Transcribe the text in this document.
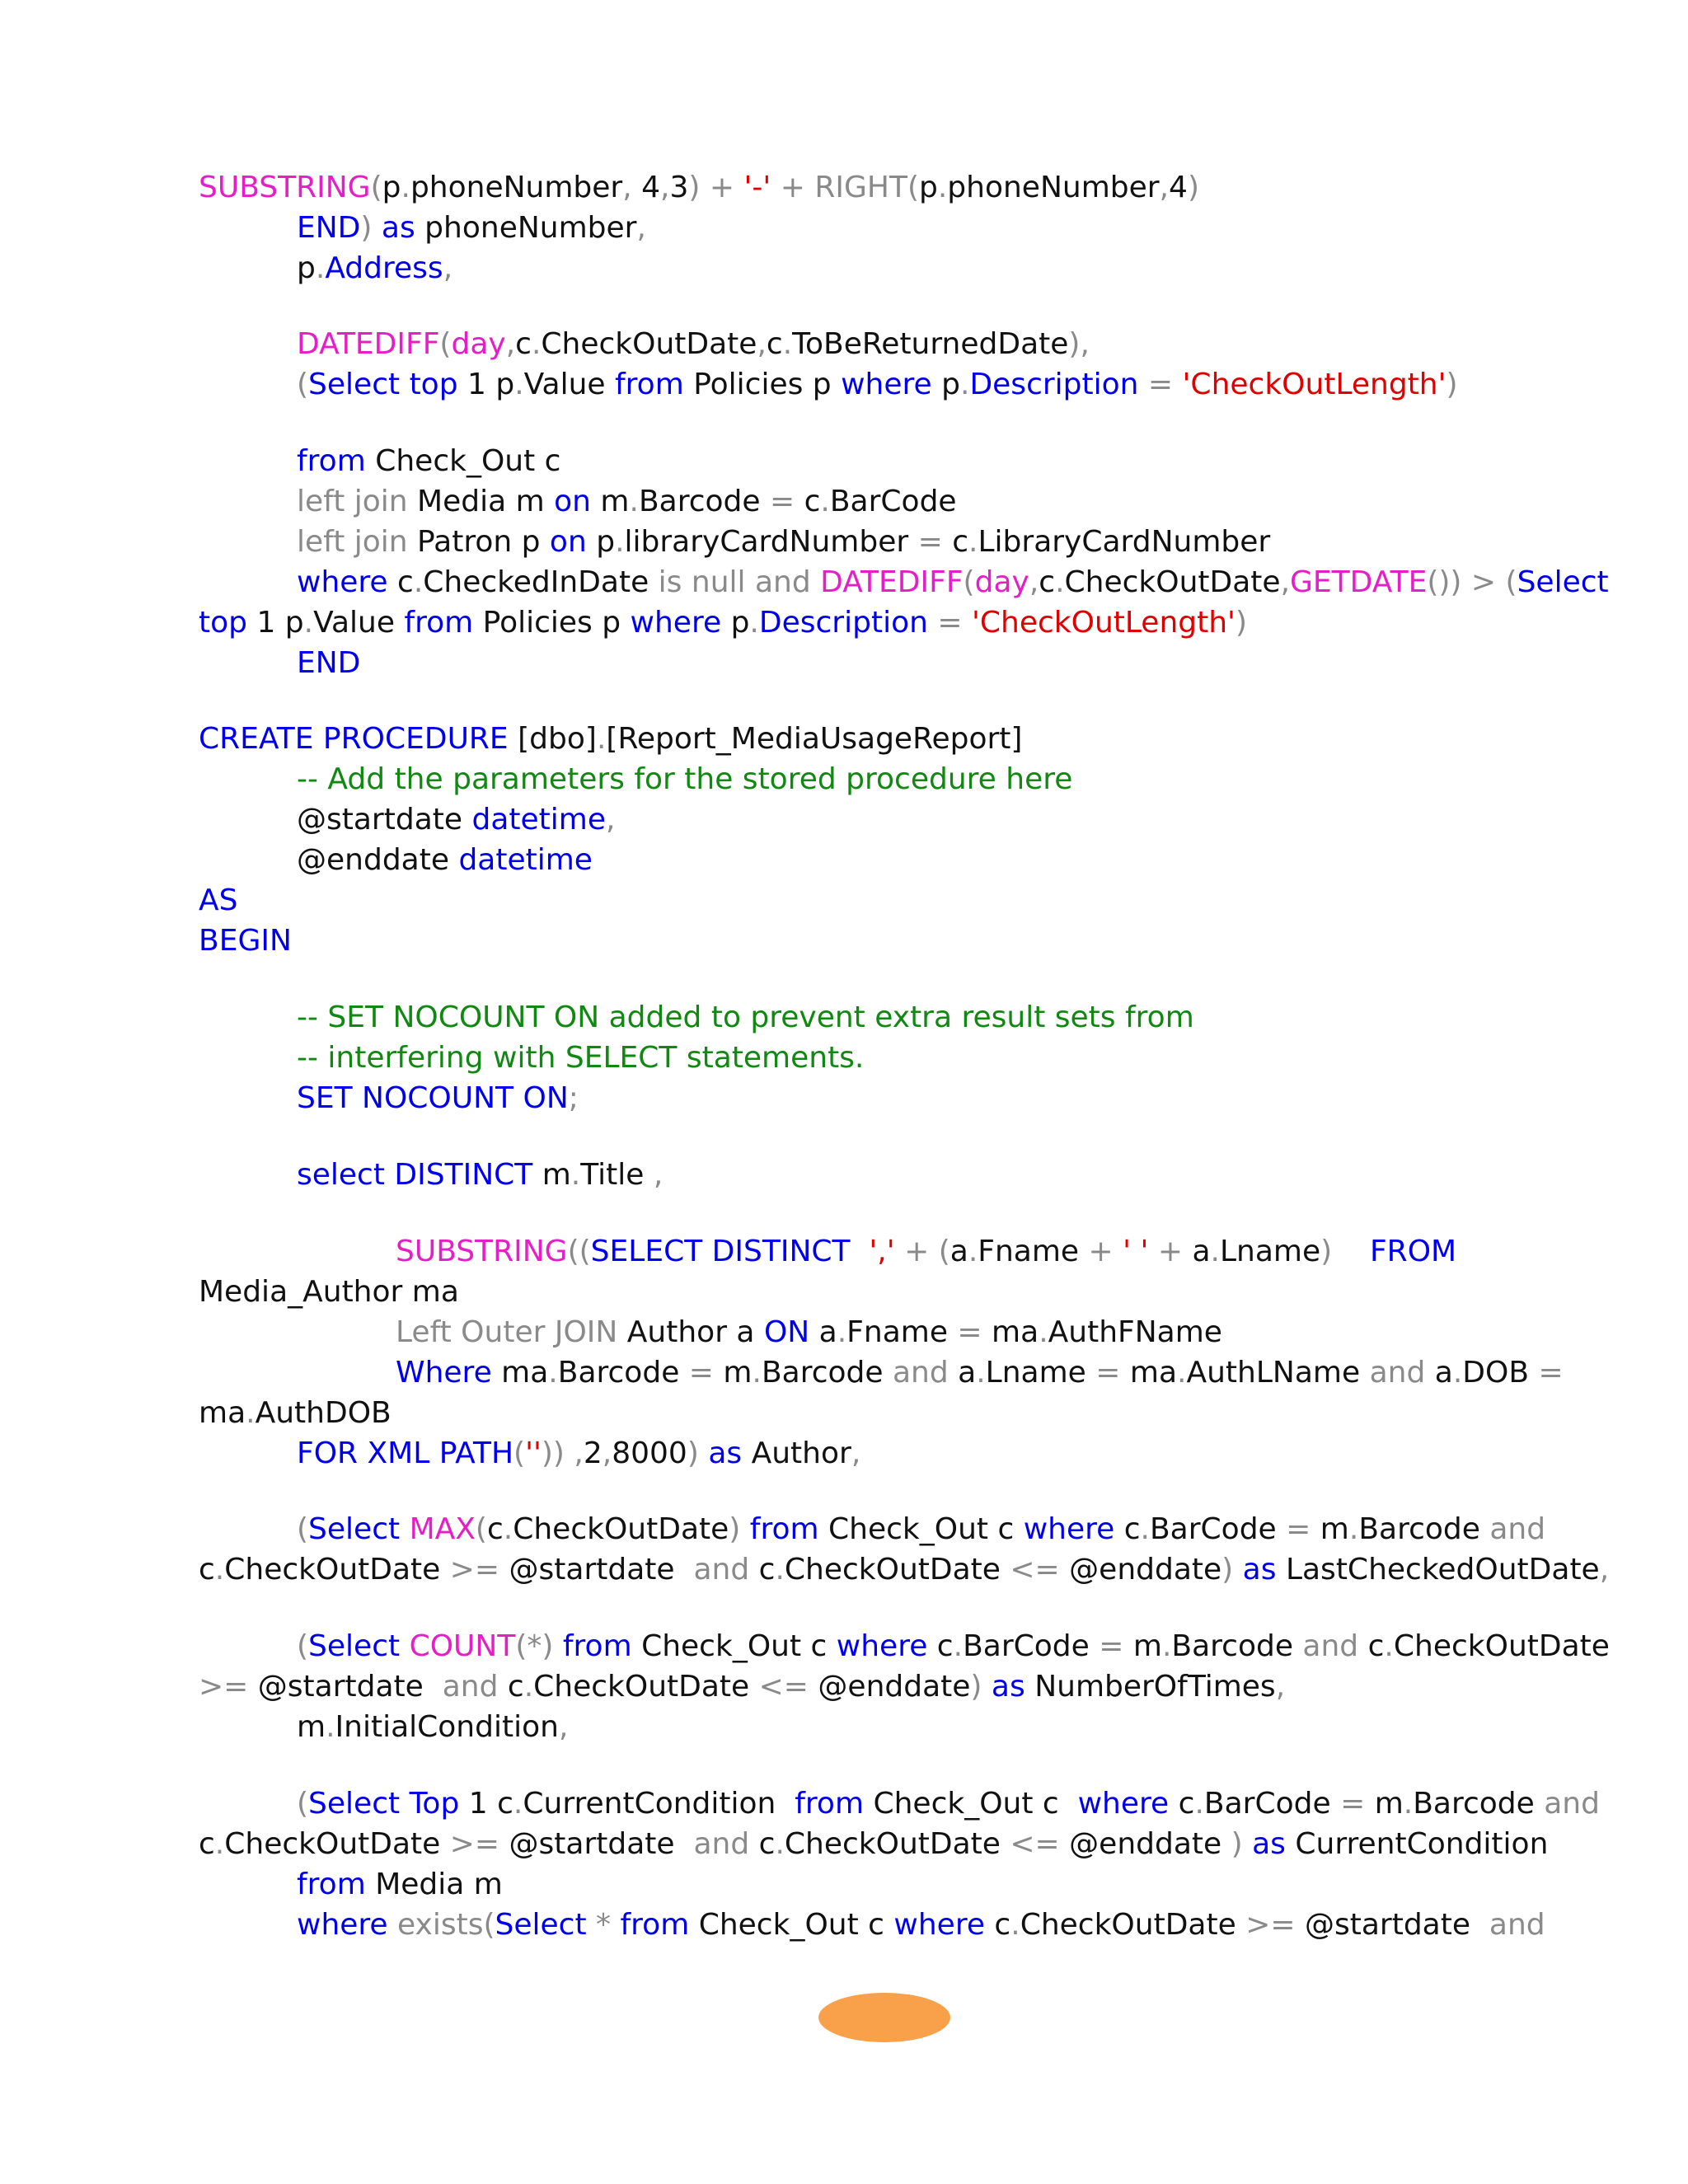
SUBSTRING(p.phoneNumber, 4,3) + '-' + RIGHT(p.phoneNumber,4)
END) as phoneNumber,
p.Address,
DATEDIFF(day,c.CheckOutDate,c.ToBeReturnedDate),
(Select top 1 p.Value from Policies p where p.Description = 'CheckOutLength')
from Check_Out c
left join Media m on m.Barcode = c.BarCode
left join Patron p on p.libraryCardNumber = c.LibraryCardNumber
where c.CheckedInDate is null and DATEDIFF(day,c.CheckOutDate,GETDATE()) > (Select
top 1 p.Value from Policies p where p.Description = 'CheckOutLength')
END
CREATE PROCEDURE [dbo].[Report_MediaUsageReport]
-- Add the parameters for the stored procedure here
@startdate datetime,
@enddate datetime
AS
BEGIN
-- SET NOCOUNT ON added to prevent extra result sets from
-- interfering with SELECT statements.
SET NOCOUNT ON;
select DISTINCT m.Title ,
SUBSTRING((SELECT DISTINCT ',' + (a.Fname + ' ' + a.Lname)    FROM
Media_Author ma
Left Outer JOIN Author a ON a.Fname = ma.AuthFName
Where ma.Barcode = m.Barcode and a.Lname = ma.AuthLName and a.DOB =
ma.AuthDOB
FOR XML PATH('')) ,2,8000) as Author,
(Select MAX(c.CheckOutDate) from Check_Out c where c.BarCode = m.Barcode and
c.CheckOutDate >= @startdate  and c.CheckOutDate <= @enddate) as LastCheckedOutDate,
(Select COUNT(*) from Check_Out c where c.BarCode = m.Barcode and c.CheckOutDate
>= @startdate  and c.CheckOutDate <= @enddate) as NumberOfTimes,
m.InitialCondition,
(Select Top 1 c.CurrentCondition  from Check_Out c  where c.BarCode = m.Barcode and
c.CheckOutDate >= @startdate  and c.CheckOutDate <= @enddate ) as CurrentCondition
from Media m
where exists(Select * from Check_Out c where c.CheckOutDate >= @startdate  and
